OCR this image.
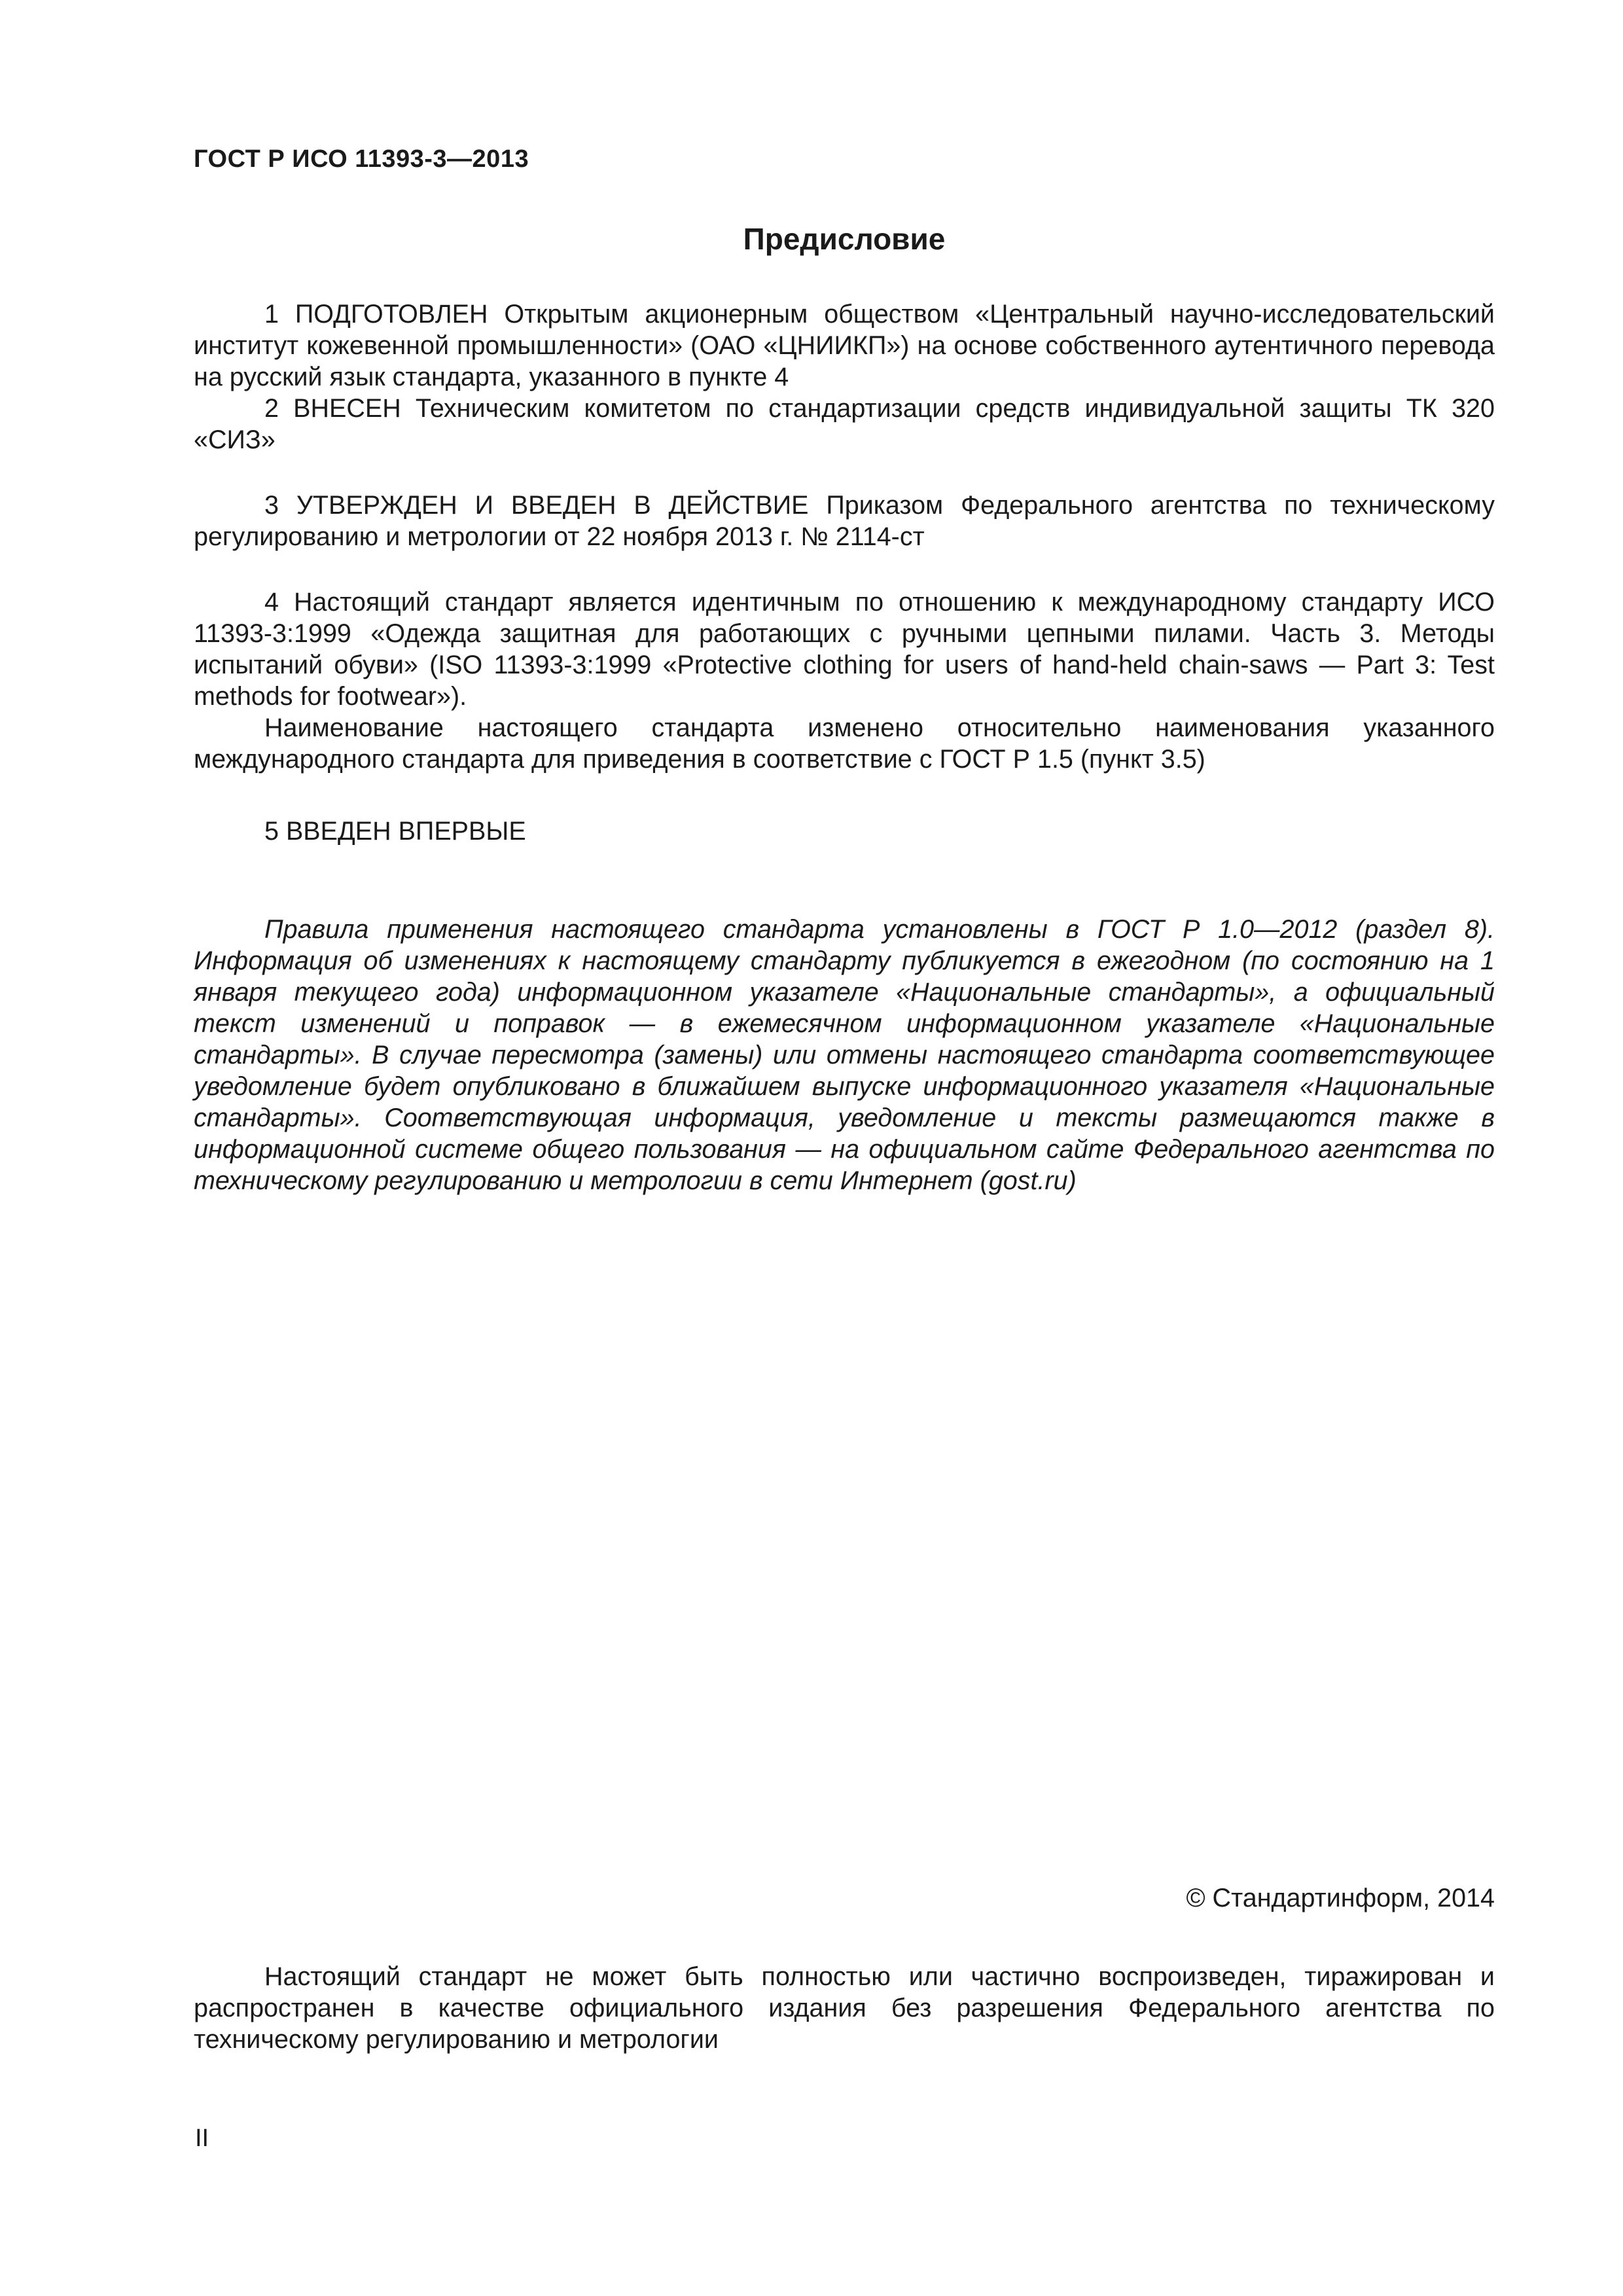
ГОСТ Р ИСО 11393-3—2013
Предисловие

1 ПОДГОТОВЛЕН Открытым акционерным обществом «Центральный научно-исследовательский институт кожевенной промышленности» (ОАО «ЦНИИКП») на основе собственного аутентичного перевода на русский язык стандарта, указанного в пункте 4

2 ВНЕСЕН Техническим комитетом по стандартизации средств индивидуальной защиты ТК 320 «СИЗ»

3 УТВЕРЖДЕН И ВВЕДЕН В ДЕЙСТВИЕ Приказом Федерального агентства по техническому регулированию и метрологии от 22 ноября 2013 г. № 2114-ст

4 Настоящий стандарт является идентичным по отношению к международному стандарту ИСО 11393-3:1999 «Одежда защитная для работающих с ручными цепными пилами. Часть 3. Методы испытаний обуви» (ISO 11393-3:1999 «Protective clothing for users of hand-held chain-saws — Part 3: Test methods for footwear»).

Наименование настоящего стандарта изменено относительно наименования указанного международного стандарта для приведения в соответствие с ГОСТ Р 1.5 (пункт 3.5)

5 ВВЕДЕН ВПЕРВЫЕ

Правила применения настоящего стандарта установлены в ГОСТ Р 1.0—2012 (раздел 8). Информация об изменениях к настоящему стандарту публикуется в ежегодном (по состоянию на 1 января текущего года) информационном указателе «Национальные стандарты», а официальный текст изменений и поправок — в ежемесячном информационном указателе «Национальные стандарты». В случае пересмотра (замены) или отмены настоящего стандарта соответствующее уведомление будет опубликовано в ближайшем выпуске информационного указателя «Национальные стандарты». Соответствующая информация, уведомление и тексты размещаются также в информационной системе общего пользования — на официальном сайте Федерального агентства по техническому регулированию и метрологии в сети Интернет (gost.ru)

© Стандартинформ, 2014

Настоящий стандарт не может быть полностью или частично воспроизведен, тиражирован и распространен в качестве официального издания без разрешения Федерального агентства по техническому регулированию и метрологии

II
